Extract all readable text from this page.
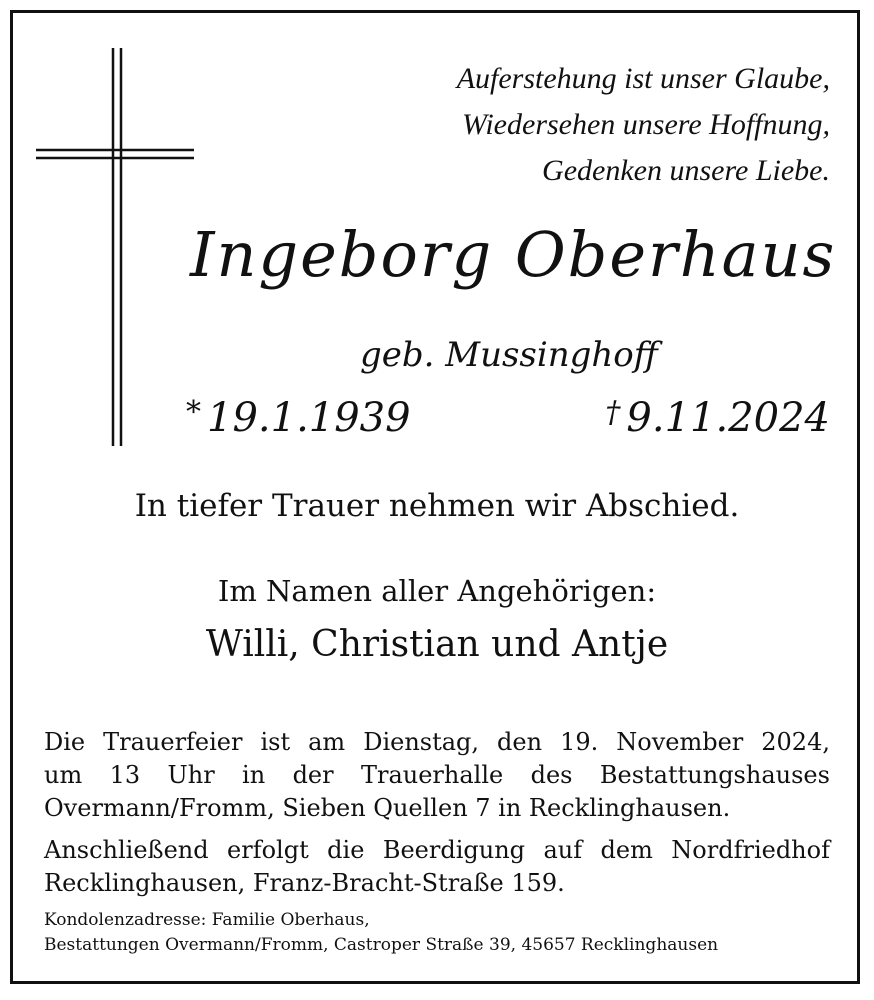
Auferstehung ist unser Glaube,
Wiedersehen unsere Hoffnung,
Gedenken unsere Liebe.
Ingeborg Oberhaus
geb. Mussinghoff
* 19.1.1939	† 9.11.2024
In tiefer Trauer nehmen wir Abschied.
Im Namen aller Angehörigen:
Willi, Christian und Antje
Die Trauerfeier ist am Dienstag, den 19. November 2024,
um 13 Uhr in der Trauerhalle des Bestattungshauses
Overmann/Fromm, Sieben Quellen 7 in Recklinghausen.
Anschließend erfolgt die Beerdigung auf dem Nordfriedhof
Recklinghausen, Franz-Bracht-Straße 159.
Kondolenzadresse: Familie Oberhaus,
Bestattungen Overmann/Fromm, Castroper Straße 39, 45657 Recklinghausen
